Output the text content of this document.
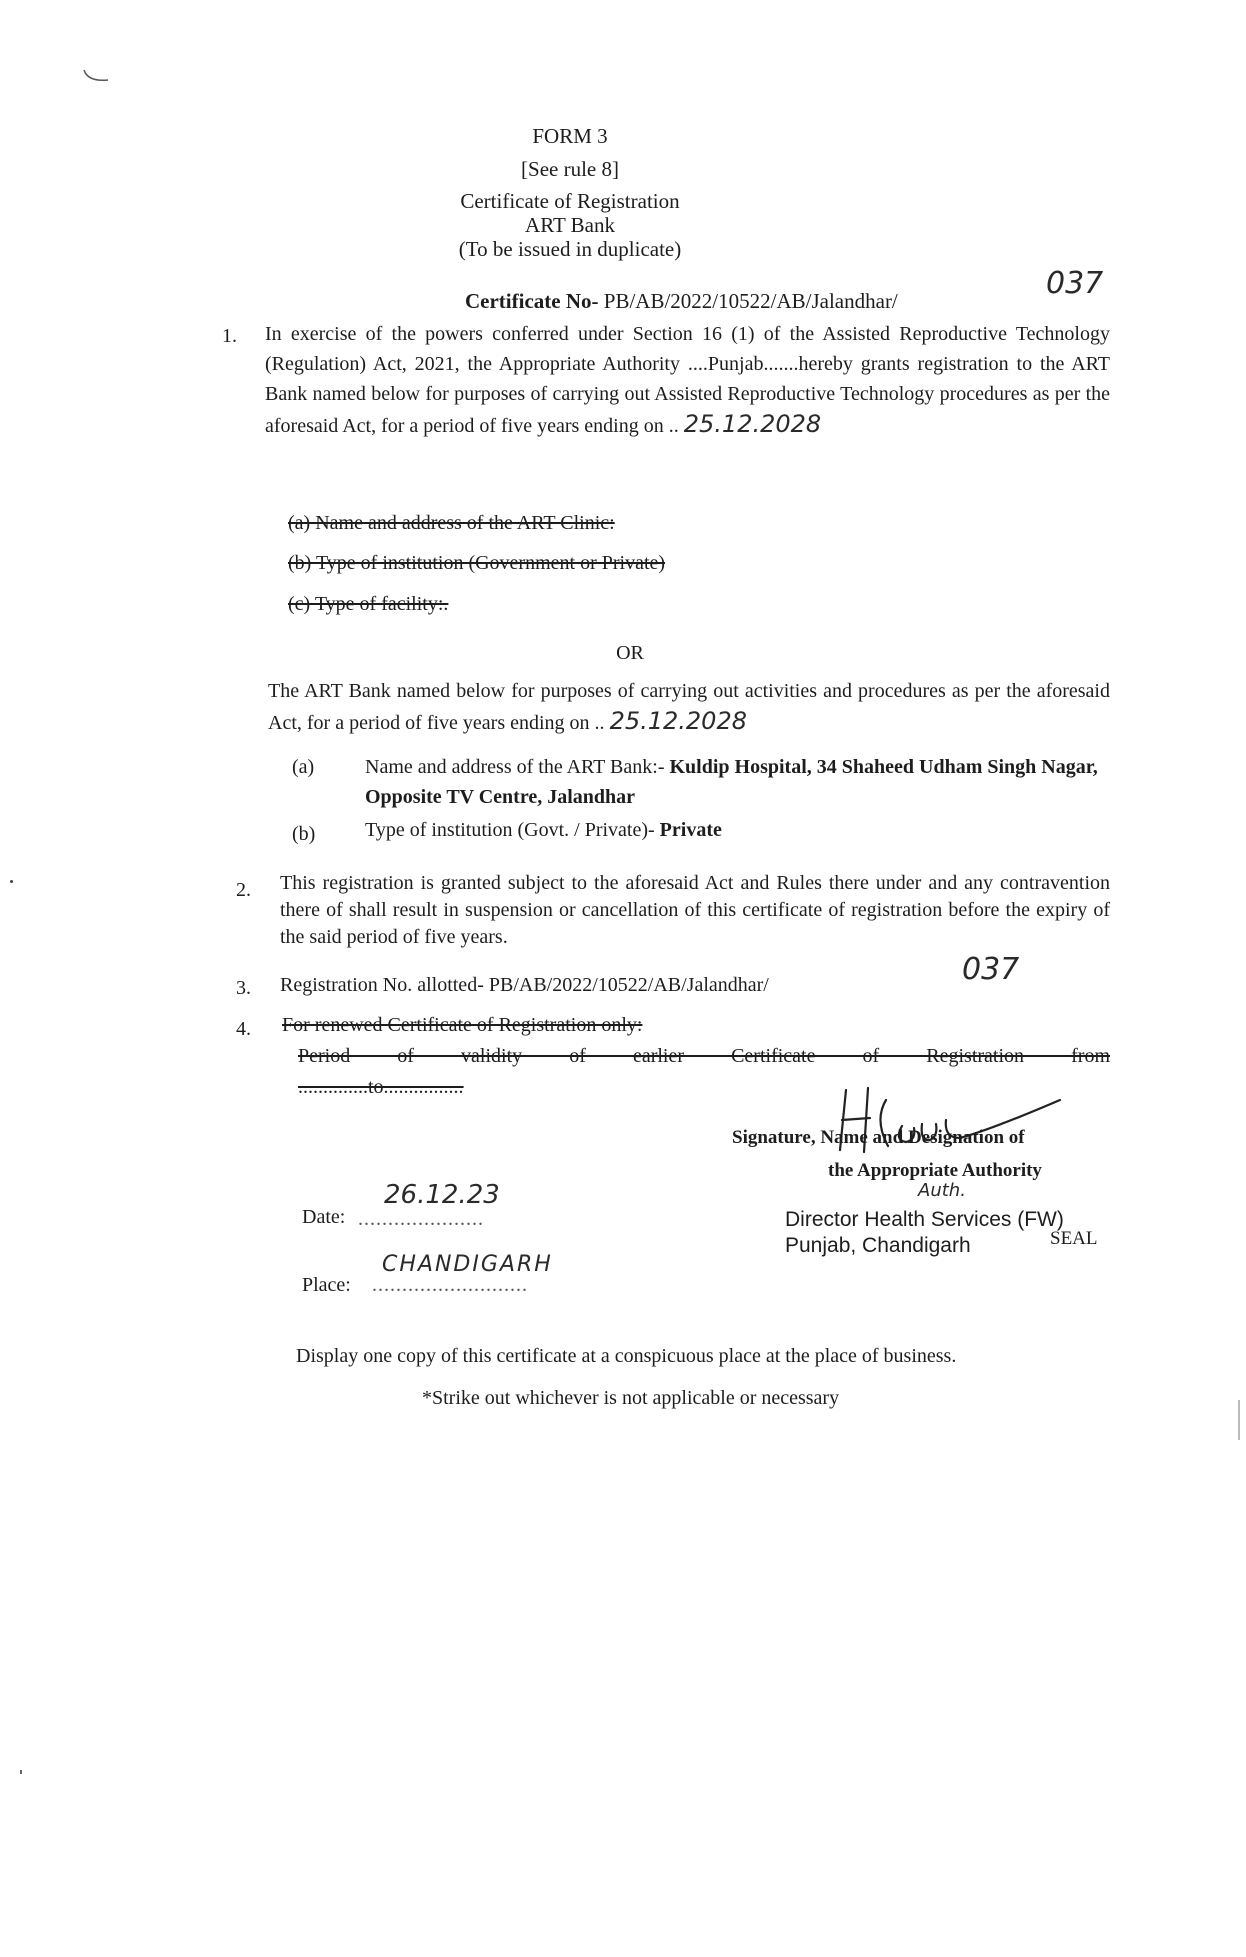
FORM 3
[See rule 8]
Certificate of Registration
ART Bank
(To be issued in duplicate)
Certificate No- PB/AB/2022/10522/AB/Jalandhar/	037
1. In exercise of the powers conferred under Section 16 (1) of the Assisted Reproductive Technology (Regulation) Act, 2021, the Appropriate Authority ....Punjab.......hereby grants registration to the ART Bank named below for purposes of carrying out Assisted Reproductive Technology procedures as per the aforesaid Act, for a period of five years ending on .. 25.12.2028
(a) Name and address of the ART Clinic:
(b) Type of institution (Government or Private)
(c) Type of facility:.
OR
The ART Bank named below for purposes of carrying out activities and procedures as per the aforesaid Act, for a period of five years ending on .. 25.12.2028
(a)	Name and address of the ART Bank:- Kuldip Hospital, 34 Shaheed Udham Singh Nagar, Opposite TV Centre, Jalandhar
(b) Type of institution (Govt. / Private)- Private
2. This registration is granted subject to the aforesaid Act and Rules there under and any contravention there of shall result in suspension or cancellation of this certificate of registration before the expiry of the said period of five years.
3. Registration No. allotted- PB/AB/2022/10522/AB/Jalandhar/	037
4. For renewed Certificate of Registration only:
Period of validity of earlier Certificate of Registration from
..............to................
Signature, Name and Designation of
the Appropriate Authority
Auth.
Director Health Services (FW)
Punjab, Chandigarh	SEAL
Date: .....................
26.12.23
Place: ..........................
CHANDIGARH
Display one copy of this certificate at a conspicuous place at the place of business.
*Strike out whichever is not applicable or necessary
